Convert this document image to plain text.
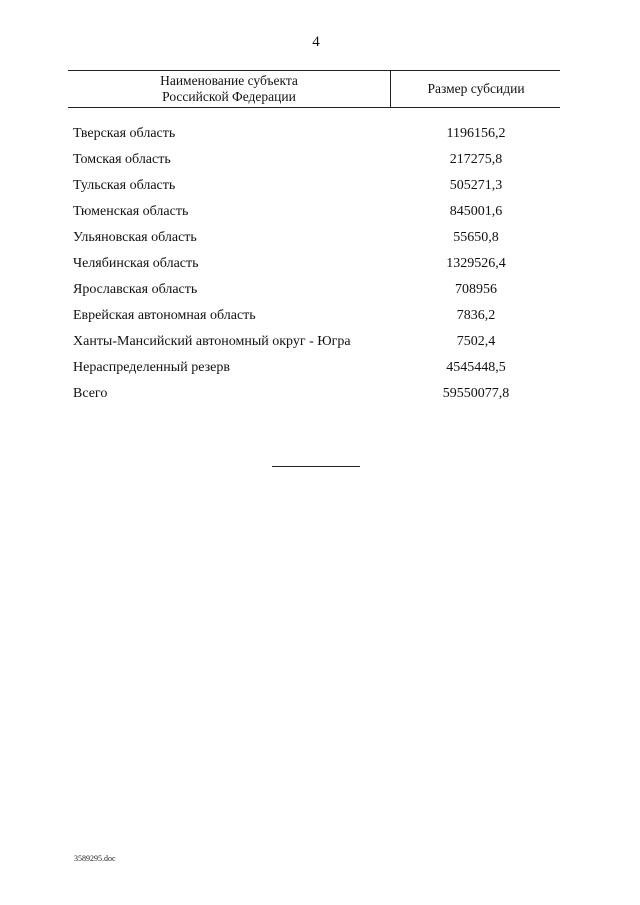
4
Наименование субъекта
Российской Федерации
Размер субсидии
Тверская область	1196156,2
Томская область	217275,8
Тульская область	505271,3
Тюменская область	845001,6
Ульяновская область	55650,8
Челябинская область	1329526,4
Ярославская область	708956
Еврейская автономная область	7836,2
Ханты-Мансийский автономный округ - Югра	7502,4
Нераспределенный резерв	4545448,5
Всего	59550077,8
3589295.doc
